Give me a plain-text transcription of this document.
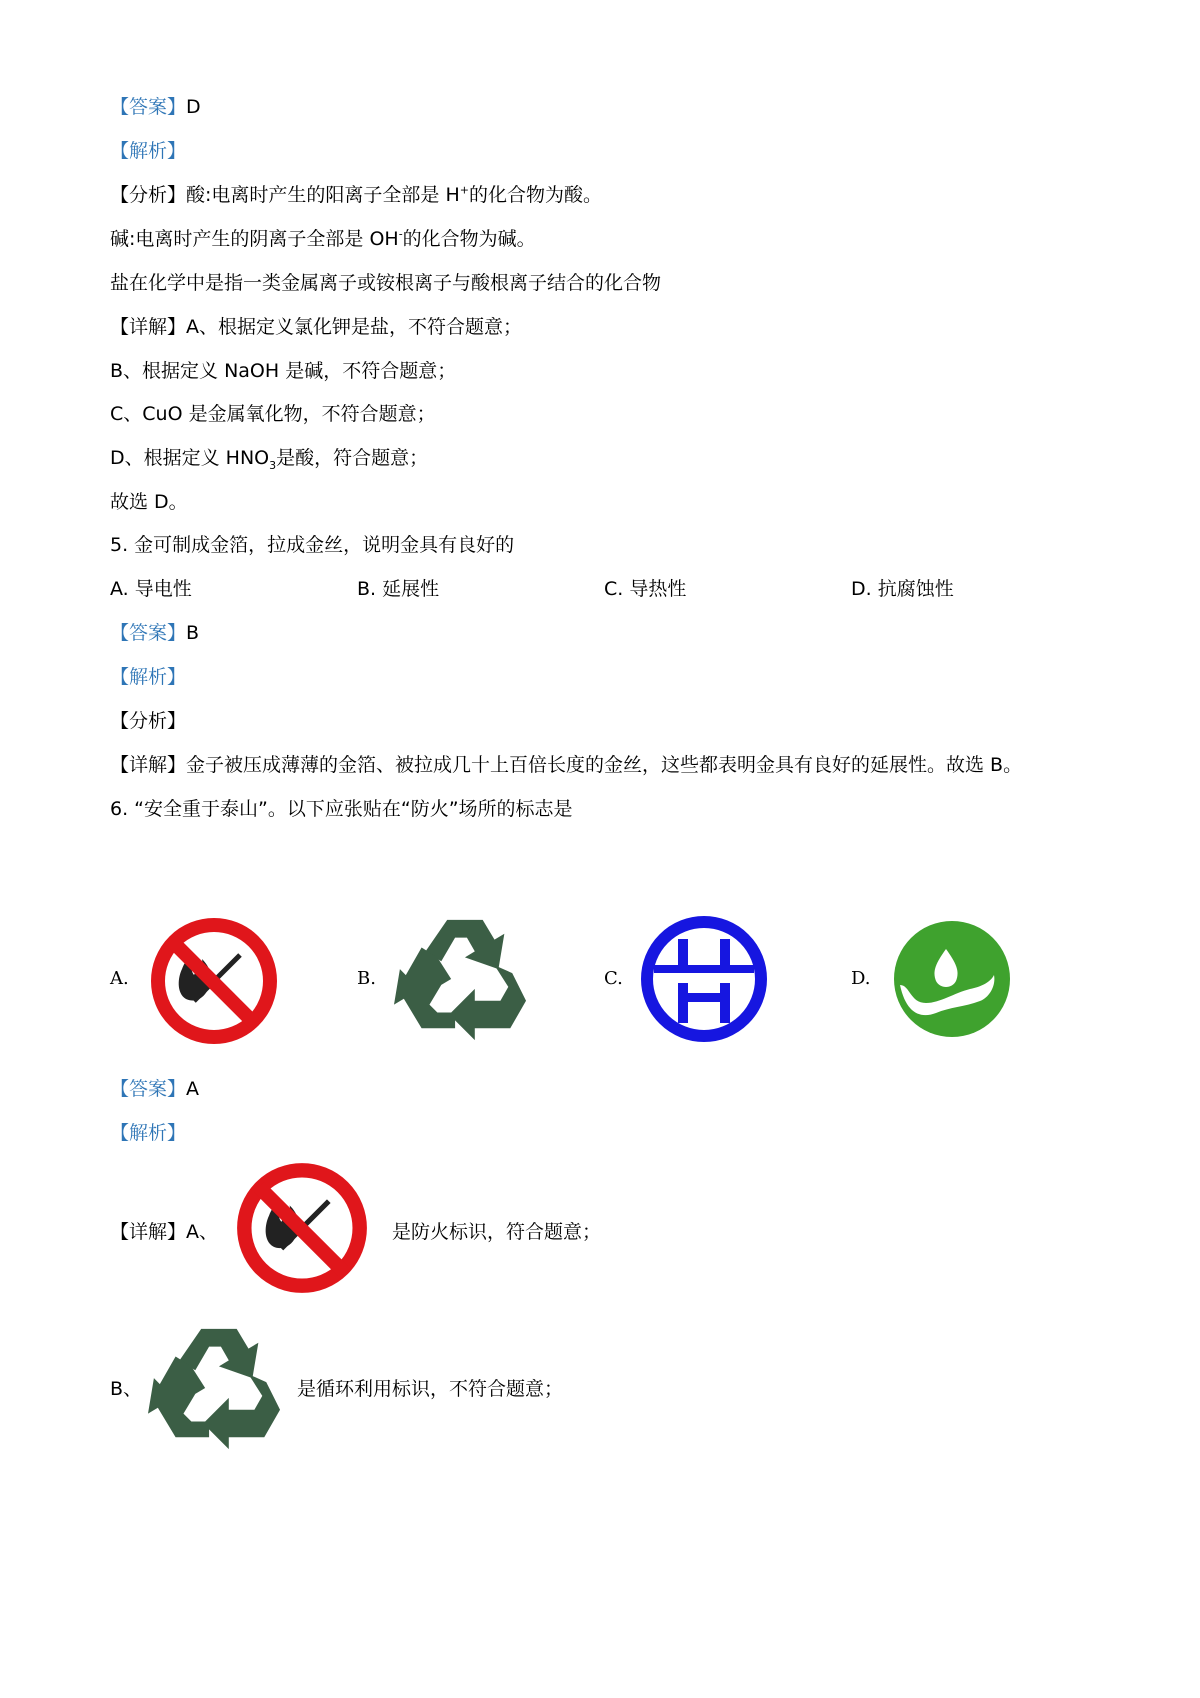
【答案】D
【解析】
【分析】酸:电离时产生的阳离子全部是 H+的化合物为酸。
碱:电离时产生的阴离子全部是 OH-的化合物为碱。
盐在化学中是指一类金属离子或铵根离子与酸根离子结合的化合物
【详解】A、根据定义氯化钾是盐，不符合题意；
B、根据定义 NaOH 是碱，不符合题意；
C、CuO 是金属氧化物，不符合题意；
D、根据定义 $HNO_3$是酸，符合题意；
故选 D。
5. 金可制成金箔，拉成金丝，说明金具有良好的
A. 导电性	B. 延展性	C. 导热性	D. 抗腐蚀性
【答案】B
【解析】
【分析】
【详解】金子被压成薄薄的金箔、被拉成几十上百倍长度的金丝，这些都表明金具有良好的延展性。故选 B。
6. “安全重于泰山”。以下应张贴在“防火”场所的标志是
A.	B.	C.	D.
【答案】A
【解析】
【详解】A、	是防火标识，符合题意；
B、	是循环利用标识，不符合题意；
